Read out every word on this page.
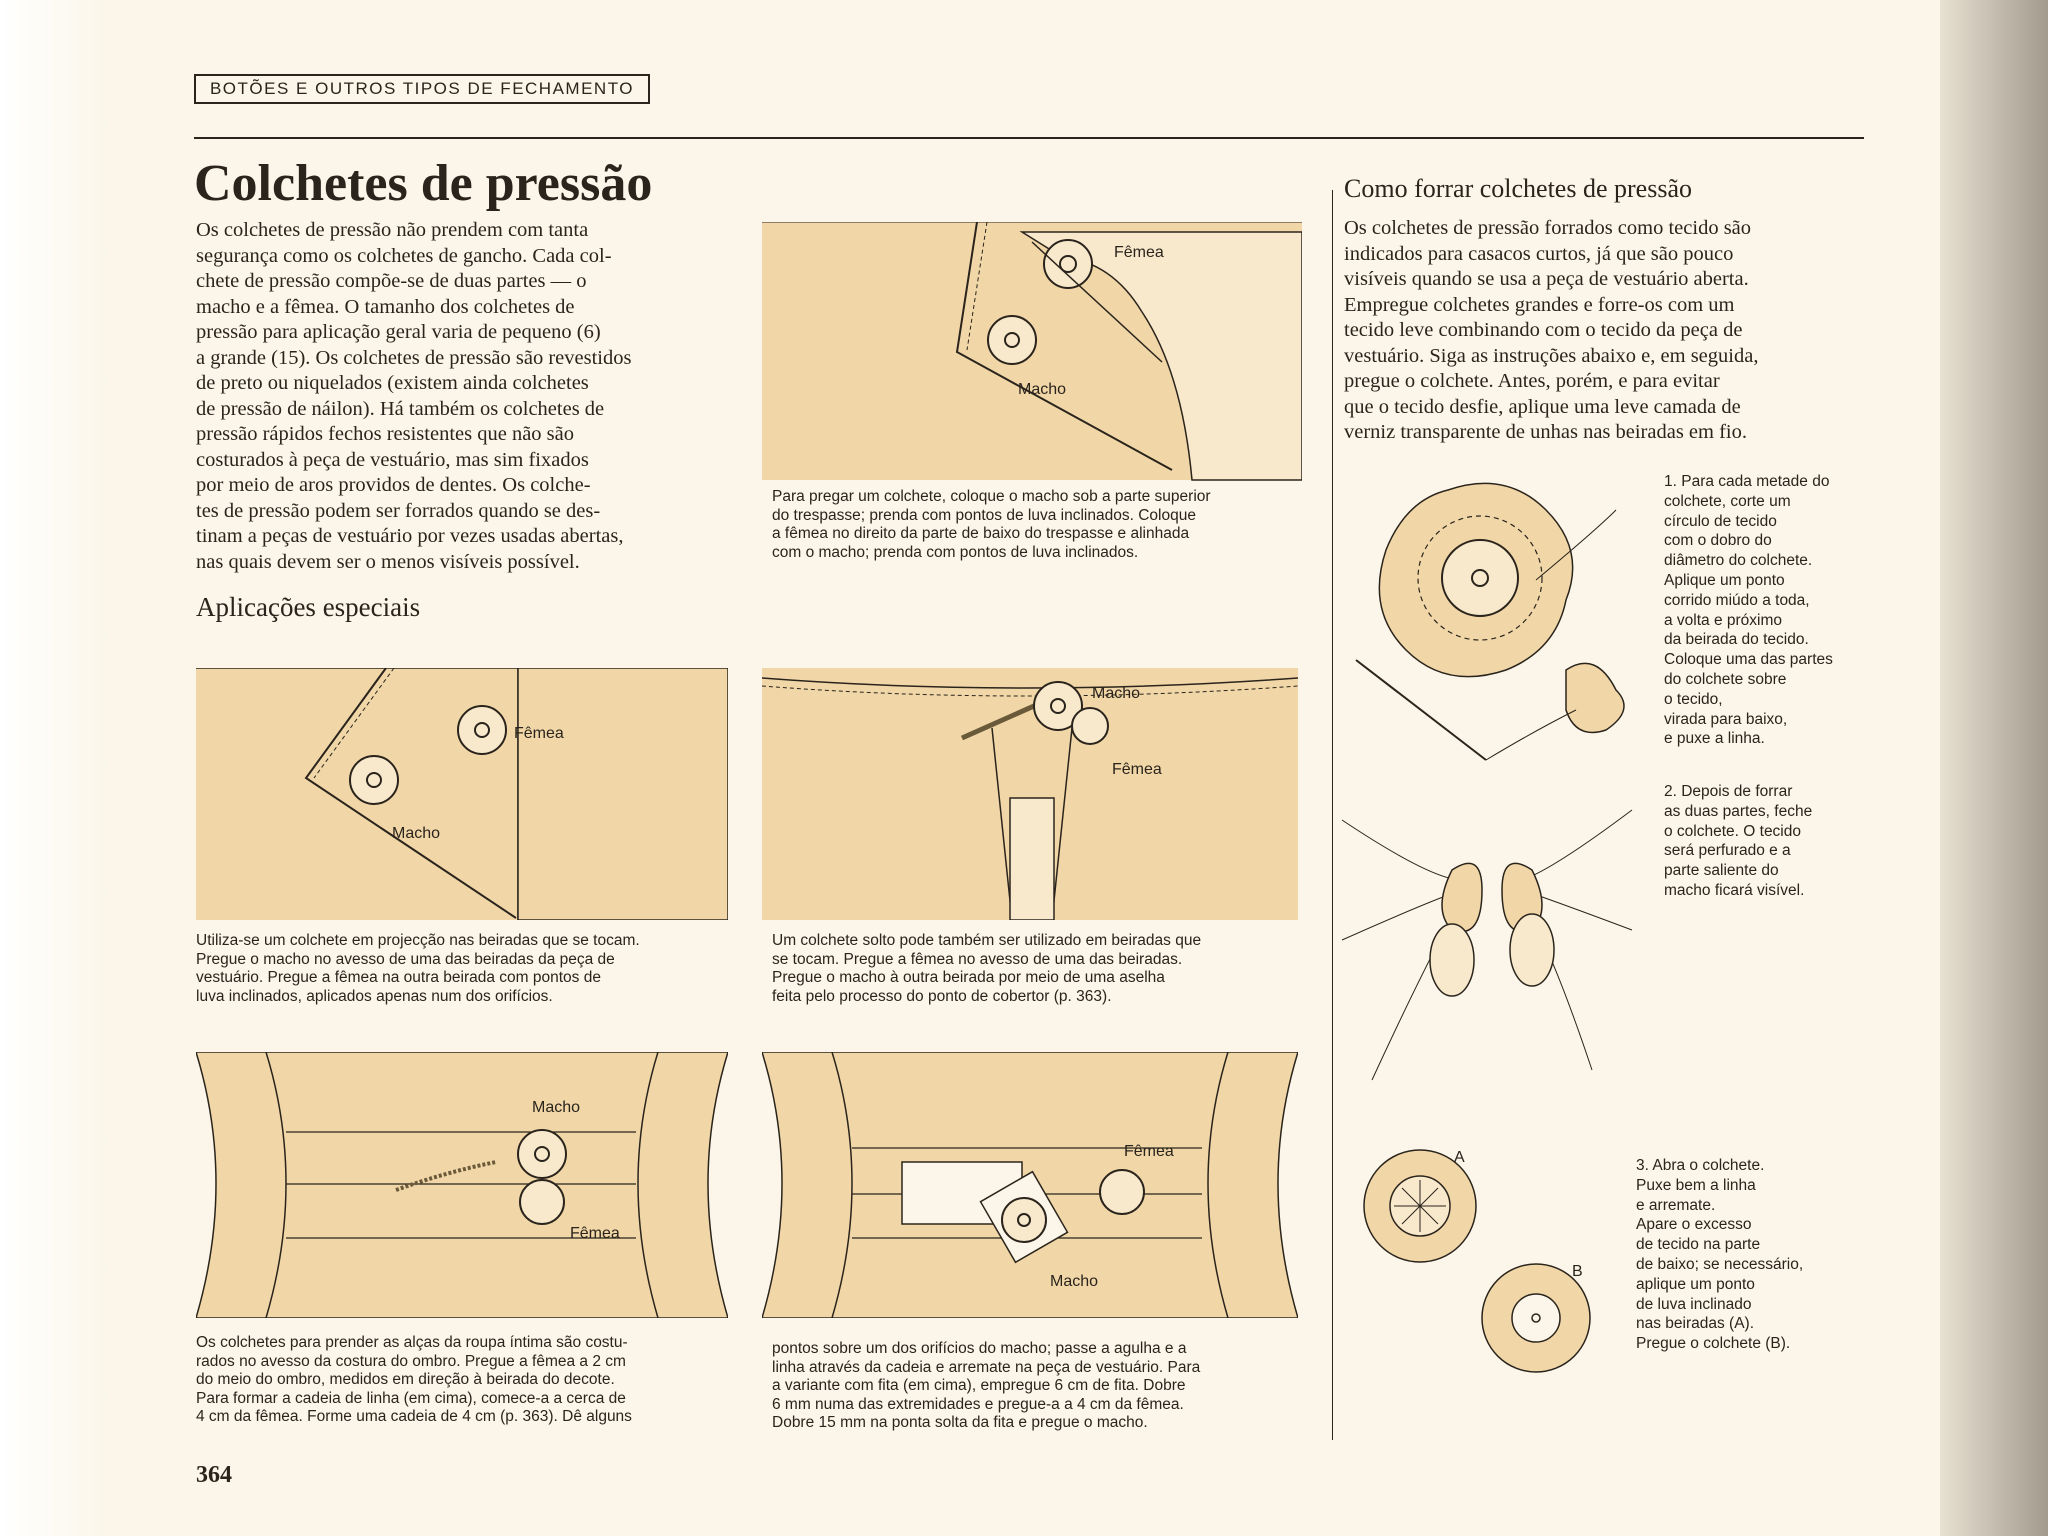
BOTÕES E OUTROS TIPOS DE FECHAMENTO
Colchetes de pressão

Os colchetes de pressão não prendem com tanta

segurança como os colchetes de gancho. Cada col-

chete de pressão compõe-se de duas partes — o

macho e a fêmea. O tamanho dos colchetes de

pressão para aplicação geral varia de pequeno (6)

a grande (15). Os colchetes de pressão são revestidos

de preto ou niquelados (existem ainda colchetes

de pressão de náilon). Há também os colchetes de

pressão rápidos fechos resistentes que não são

costurados à peça de vestuário, mas sim fixados

por meio de aros providos de dentes. Os colche-

tes de pressão podem ser forrados quando se des-

tinam a peças de vestuário por vezes usadas abertas,

nas quais devem ser o menos visíveis possível.

Aplicações especiais
Fêmea
Macho
Para pregar um colchete, coloque o macho sob a parte superior
do trespasse; prenda com pontos de luva inclinados. Coloque
a fêmea no direito da parte de baixo do trespasse e alinhada
com o macho; prenda com pontos de luva inclinados.
Fêmea
Macho
Utiliza-se um colchete em projecção nas beiradas que se tocam.
Pregue o macho no avesso de uma das beiradas da peça de
vestuário. Pregue a fêmea na outra beirada com pontos de
luva inclinados, aplicados apenas num dos orifícios.
Macho
Fêmea
Um colchete solto pode também ser utilizado em beiradas que
se tocam. Pregue a fêmea no avesso de uma das beiradas.
Pregue o macho à outra beirada por meio de uma aselha
feita pelo processo do ponto de cobertor (p. 363).
Macho
Fêmea
Os colchetes para prender as alças da roupa íntima são costu-
rados no avesso da costura do ombro. Pregue a fêmea a 2 cm
do meio do ombro, medidos em direção à beirada do decote.
Para formar a cadeia de linha (em cima), comece-a a cerca de
4 cm da fêmea. Forme uma cadeia de 4 cm (p. 363). Dê alguns
Fêmea
Macho
pontos sobre um dos orifícios do macho; passe a agulha e a
linha através da cadeia e arremate na peça de vestuário. Para
a variante com fita (em cima), empregue 6 cm de fita. Dobre
6 mm numa das extremidades e pregue-a a 4 cm da fêmea.
Dobre 15 mm na ponta solta da fita e pregue o macho.
Como forrar colchetes de pressão

Os colchetes de pressão forrados como tecido são

indicados para casacos curtos, já que são pouco

visíveis quando se usa a peça de vestuário aberta.

Empregue colchetes grandes e forre-os com um

tecido leve combinando com o tecido da peça de

vestuário. Siga as instruções abaixo e, em seguida,

pregue o colchete. Antes, porém, e para evitar

que o tecido desfie, aplique uma leve camada de

verniz transparente de unhas nas beiradas em fio.

1. Para cada metade do
colchete, corte um
círculo de tecido
com o dobro do
diâmetro do colchete.
Aplique um ponto
corrido miúdo a toda,
a volta e próximo
da beirada do tecido.
Coloque uma das partes
do colchete sobre
o tecido,
virada para baixo,
e puxe a linha.
2. Depois de forrar
as duas partes, feche
o colchete. O tecido
será perfurado e a
parte saliente do
macho ficará visível.
A
B
3. Abra o colchete.
Puxe bem a linha
e arremate.
Apare o excesso
de tecido na parte
de baixo; se necessário,
aplique um ponto
de luva inclinado
nas beiradas (A).
Pregue o colchete (B).
364
